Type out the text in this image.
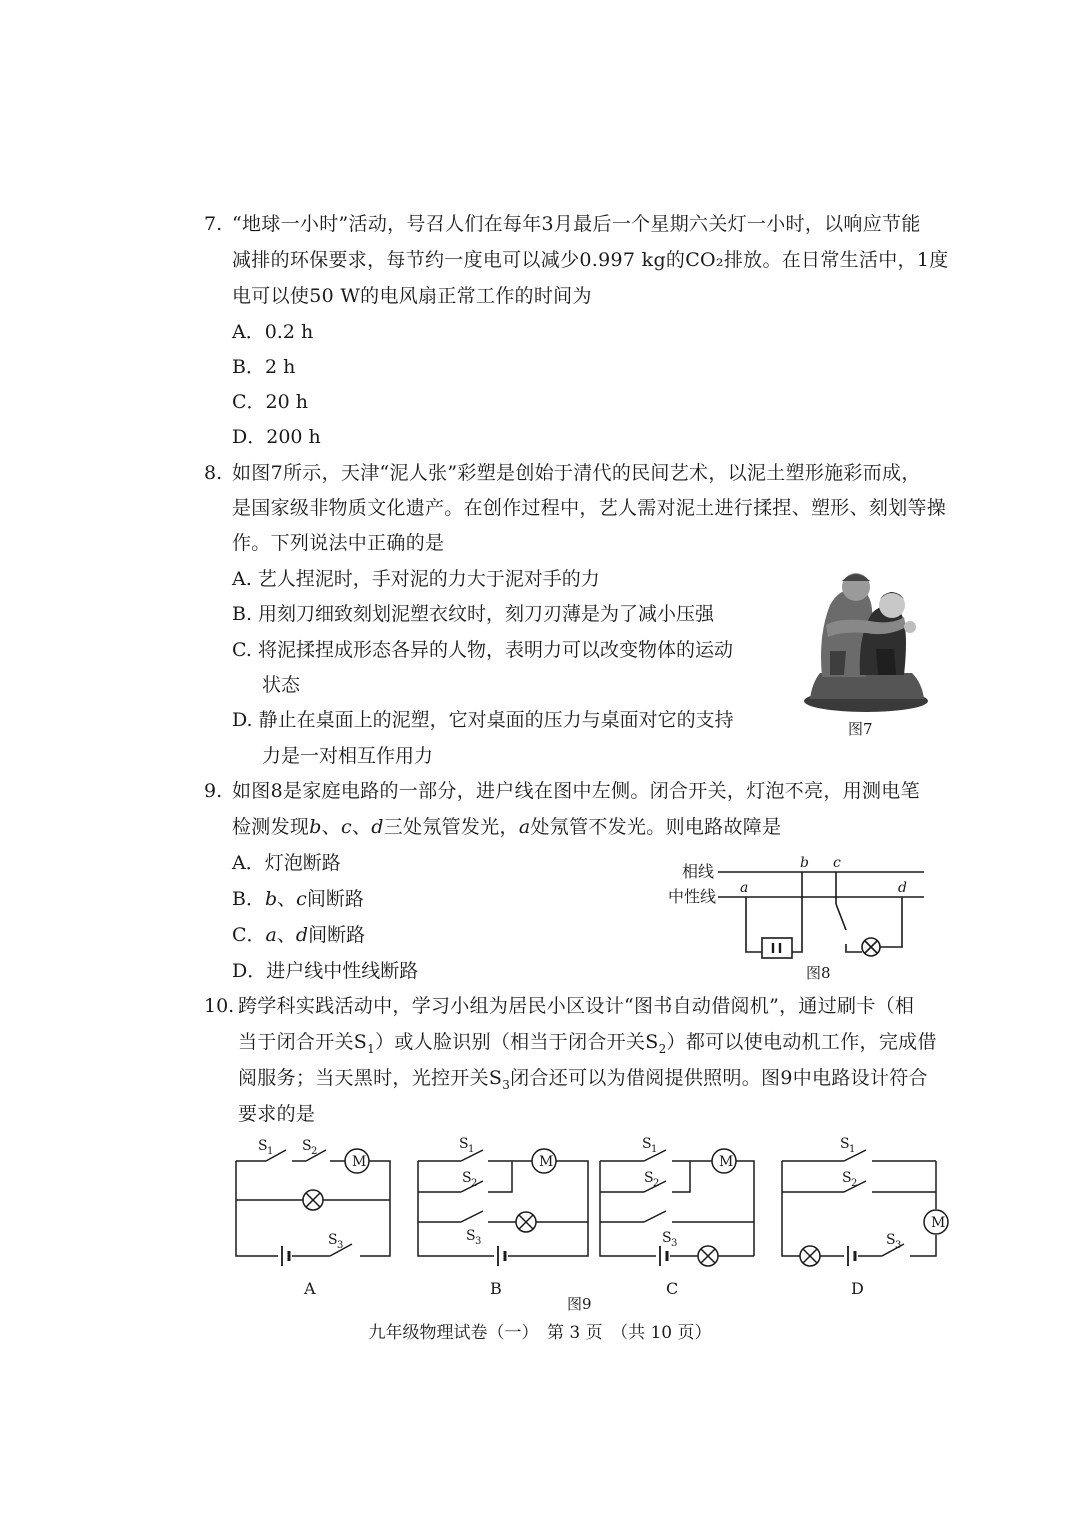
7. “地球一小时”活动，号召人们在每年3月最后一个星期六关灯一小时，以响应节能
减排的环保要求，每节约一度电可以减少0.997 kg的CO₂排放。在日常生活中，1度
电可以使50 W的电风扇正常工作的时间为
A．0.2 h
B．2 h
C．20 h
D．200 h
8. 如图7所示，天津“泥人张”彩塑是创始于清代的民间艺术，以泥土塑形施彩而成，
是国家级非物质文化遗产。在创作过程中，艺人需对泥土进行揉捏、塑形、刻划等操
作。下列说法中正确的是
A. 艺人捏泥时，手对泥的力大于泥对手的力
B. 用刻刀细致刻划泥塑衣纹时，刻刀刃薄是为了减小压强
C. 将泥揉捏成形态各异的人物，表明力可以改变物体的运动
状态
D. 静止在桌面上的泥塑，它对桌面的压力与桌面对它的支持
力是一对相互作用力
图7
9. 如图8是家庭电路的一部分，进户线在图中左侧。闭合开关，灯泡不亮，用测电笔
检测发现b、c、d三处氖管发光，a处氖管不发光。则电路故障是
A．灯泡断路
B．b、c间断路
C．a、d间断路
D．进户线中性线断路
相线
中性线 a
b c
d
图8
10. 跨学科实践活动中，学习小组为居民小区设计“图书自动借阅机”，通过刷卡（相
当于闭合开关$S_1$）或人脸识别（相当于闭合开关$S_2$）都可以使电动机工作，完成借
阅服务；当天黑时，光控开关$S_3$闭合还可以为借阅提供照明。图9中电路设计符合
要求的是
M
S 1 S 2
S 3
A
M
S 1
S 2
S 3
B
M
S 1
S 2
S 3
C
M
S 1
S 2
S 3
D
图9
九年级物理试卷（一）　第 3 页　（共 10 页）
